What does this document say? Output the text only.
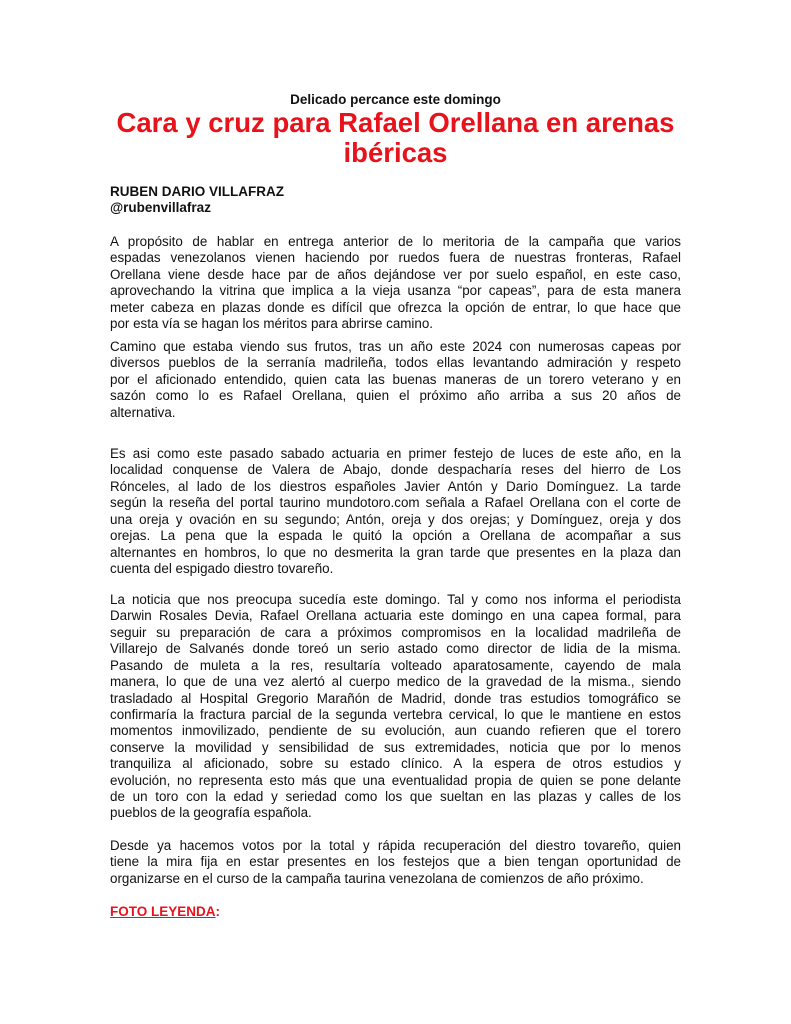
Delicado percance este domingo
Cara y cruz para Rafael Orellana en arenas
ibéricas
RUBEN DARIO VILLAFRAZ
@rubenvillafraz
A propósito de hablar en entrega anterior de lo meritoria de la campaña que varios
espadas venezolanos vienen haciendo por ruedos fuera de nuestras fronteras, Rafael
Orellana viene desde hace par de años dejándose ver por suelo español, en este caso,
aprovechando la vitrina que implica a la vieja usanza “por capeas”, para de esta manera
meter cabeza en plazas donde es difícil que ofrezca la opción de entrar, lo que hace que
por esta vía se hagan los méritos para abrirse camino.
Camino que estaba viendo sus frutos, tras un año este 2024 con numerosas capeas por
diversos pueblos de la serranía madrileña, todos ellas levantando admiración y respeto
por el aficionado entendido, quien cata las buenas maneras de un torero veterano y en
sazón como lo es Rafael Orellana, quien el próximo año arriba a sus 20 años de
alternativa.
Es asi como este pasado sabado actuaria en primer festejo de luces de este año, en la
localidad conquense de Valera de Abajo, donde despacharía reses del hierro de Los
Rónceles, al lado de los diestros españoles Javier Antón y Dario Domínguez. La tarde
según la reseña del portal taurino mundotoro.com señala a Rafael Orellana con el corte de
una oreja y ovación en su segundo; Antón, oreja y dos orejas; y Domínguez, oreja y dos
orejas. La pena que la espada le quitó la opción a Orellana de acompañar a sus
alternantes en hombros, lo que no desmerita la gran tarde que presentes en la plaza dan
cuenta del espigado diestro tovareño.
La noticia que nos preocupa sucedía este domingo. Tal y como nos informa el periodista
Darwin Rosales Devia, Rafael Orellana actuaria este domingo en una capea formal, para
seguir su preparación de cara a próximos compromisos en la localidad madrileña de
Villarejo de Salvanés donde toreó un serio astado como director de lidia de la misma.
Pasando de muleta a la res, resultaría volteado aparatosamente, cayendo de mala
manera, lo que de una vez alertó al cuerpo medico de la gravedad de la misma., siendo
trasladado al Hospital Gregorio Marañón de Madrid, donde tras estudios tomográfico se
confirmaría la fractura parcial de la segunda vertebra cervical, lo que le mantiene en estos
momentos inmovilizado, pendiente de su evolución, aun cuando refieren que el torero
conserve la movilidad y sensibilidad de sus extremidades, noticia que por lo menos
tranquiliza al aficionado, sobre su estado clínico. A la espera de otros estudios y
evolución, no representa esto más que una eventualidad propia de quien se pone delante
de un toro con la edad y seriedad como los que sueltan en las plazas y calles de los
pueblos de la geografía española.
Desde ya hacemos votos por la total y rápida recuperación del diestro tovareño, quien
tiene la mira fija en estar presentes en los festejos que a bien tengan oportunidad de
organizarse en el curso de la campaña taurina venezolana de comienzos de año próximo.
FOTO LEYENDA:
